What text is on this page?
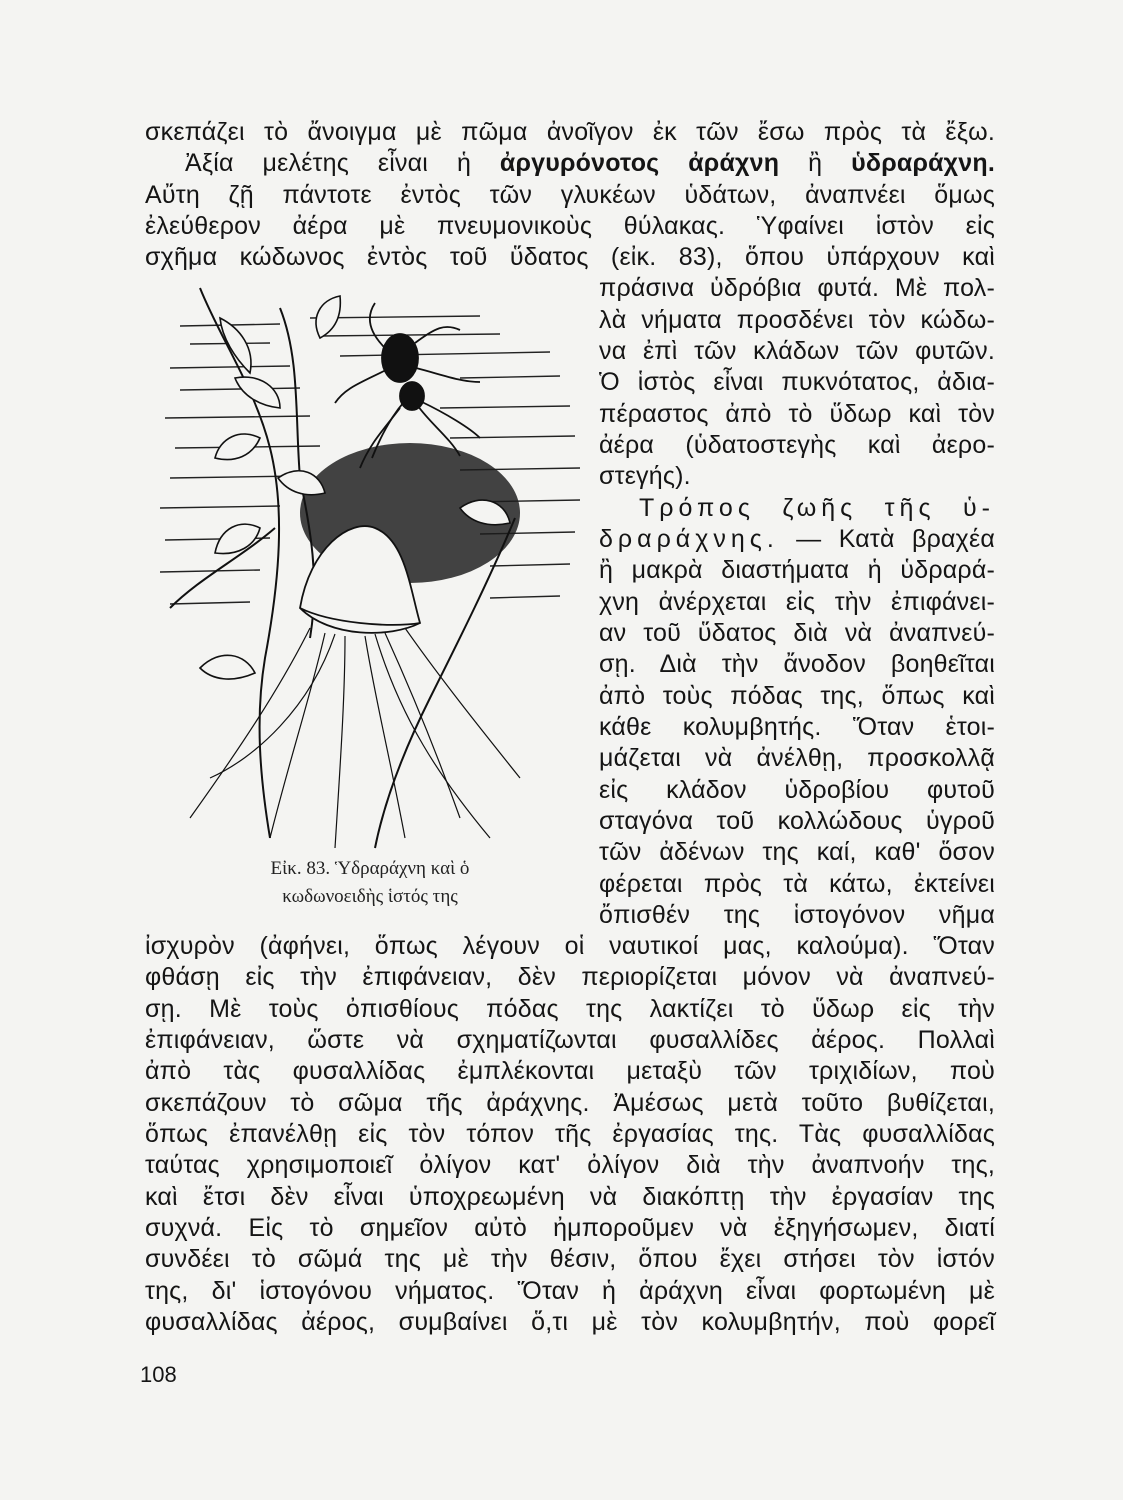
σκεπάζει τὸ ἄνοιγμα μὲ πῶμα ἀνοῖγον ἐκ τῶν ἔσω πρὸς τὰ ἔξω.
Ἀξία μελέτης εἶναι ἡ ἀργυρόνοτος ἀράχνη ἢ ὑδραράχνη.
Αὔτη ζῇ πάντοτε ἐντὸς τῶν γλυκέων ὑδάτων, ἀναπνέει ὅμως
ἐλεύθερον ἀέρα μὲ πνευμονικοὺς θύλακας. Ὑφαίνει ἱστὸν εἰς
σχῆμα κώδωνος ἐντὸς τοῦ ὕδατος (εἰκ. 83), ὅπου ὑπάρχουν καὶ
πράσινα ὑδρόβια φυτά. Μὲ πολ-
λὰ νήματα προσδένει τὸν κώδω-
να ἐπὶ τῶν κλάδων τῶν φυτῶν.
Ὁ ἱστὸς εἶναι πυκνότατος, ἀδια-
πέραστος ἀπὸ τὸ ὕδωρ καὶ τὸν
ἀέρα (ὑδατοστεγὴς καὶ ἀερο-
στεγής).
Τρόπος ζωῆς τῆς ὑ-
δραράχνης. — Κατὰ βραχέα
ἢ μακρὰ διαστήματα ἡ ὑδραρά-
χνη ἀνέρχεται εἰς τὴν ἐπιφάνει-
αν τοῦ ὕδατος διὰ νὰ ἀναπνεύ-
σῃ. Διὰ τὴν ἄνοδον βοηθεῖται
ἀπὸ τοὺς πόδας της, ὅπως καὶ
κάθε κολυμβητής. Ὅταν ἑτοι-
μάζεται νὰ ἀνέλθῃ, προσκολλᾷ
εἰς κλάδον ὑδροβίου φυτοῦ
σταγόνα τοῦ κολλώδους ὑγροῦ
τῶν ἀδένων της καί, καθ' ὅσον
φέρεται πρὸς τὰ κάτω, ἐκτείνει
ὄπισθέν της ἱστογόνον νῆμα
Εἰκ. 83. Ὑδραράχνη καὶ ὁ
κωδωνοειδὴς ἱστός της
ἰσχυρὸν (ἀφήνει, ὅπως λέγουν οἱ ναυτικοί μας, καλούμα). Ὅταν
φθάσῃ εἰς τὴν ἐπιφάνειαν, δὲν περιορίζεται μόνον νὰ ἀναπνεύ-
σῃ. Μὲ τοὺς ὀπισθίους πόδας της λακτίζει τὸ ὕδωρ εἰς τὴν
ἐπιφάνειαν, ὥστε νὰ σχηματίζωνται φυσαλλίδες ἀέρος. Πολλαὶ
ἀπὸ τὰς φυσαλλίδας ἐμπλέκονται μεταξὺ τῶν τριχιδίων, ποὺ
σκεπάζουν τὸ σῶμα τῆς ἀράχνης. Ἀμέσως μετὰ τοῦτο βυθίζεται,
ὅπως ἐπανέλθῃ εἰς τὸν τόπον τῆς ἐργασίας της. Τὰς φυσαλλίδας
ταύτας χρησιμοποιεῖ ὀλίγον κατ' ὀλίγον διὰ τὴν ἀναπνοήν της,
καὶ ἔτσι δὲν εἶναι ὑποχρεωμένη νὰ διακόπτῃ τὴν ἐργασίαν της
συχνά. Εἰς τὸ σημεῖον αὐτὸ ἠμποροῦμεν νὰ ἐξηγήσωμεν, διατί
συνδέει τὸ σῶμά της μὲ τὴν θέσιν, ὅπου ἔχει στήσει τὸν ἱστόν
της, δι' ἱστογόνου νήματος. Ὅταν ἡ ἀράχνη εἶναι φορτωμένη μὲ
φυσαλλίδας ἀέρος, συμβαίνει ὅ,τι μὲ τὸν κολυμβητήν, ποὺ φορεῖ
108
